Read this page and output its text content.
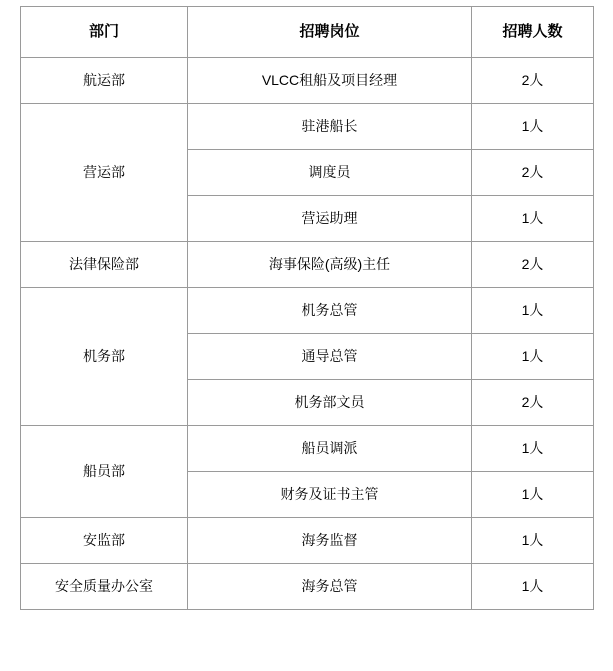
部门	招聘岗位	招聘人数
航运部	VLCC租船及项目经理	2人
营运部	驻港船长	1人
	调度员	2人
	营运助理	1人
法律保险部	海事保险(高级)主任	2人
机务部	机务总管	1人
	通导总管	1人
	机务部文员	2人
船员部	船员调派	1人
	财务及证书主管	1人
安监部	海务监督	1人
安全质量办公室	海务总管	1人
